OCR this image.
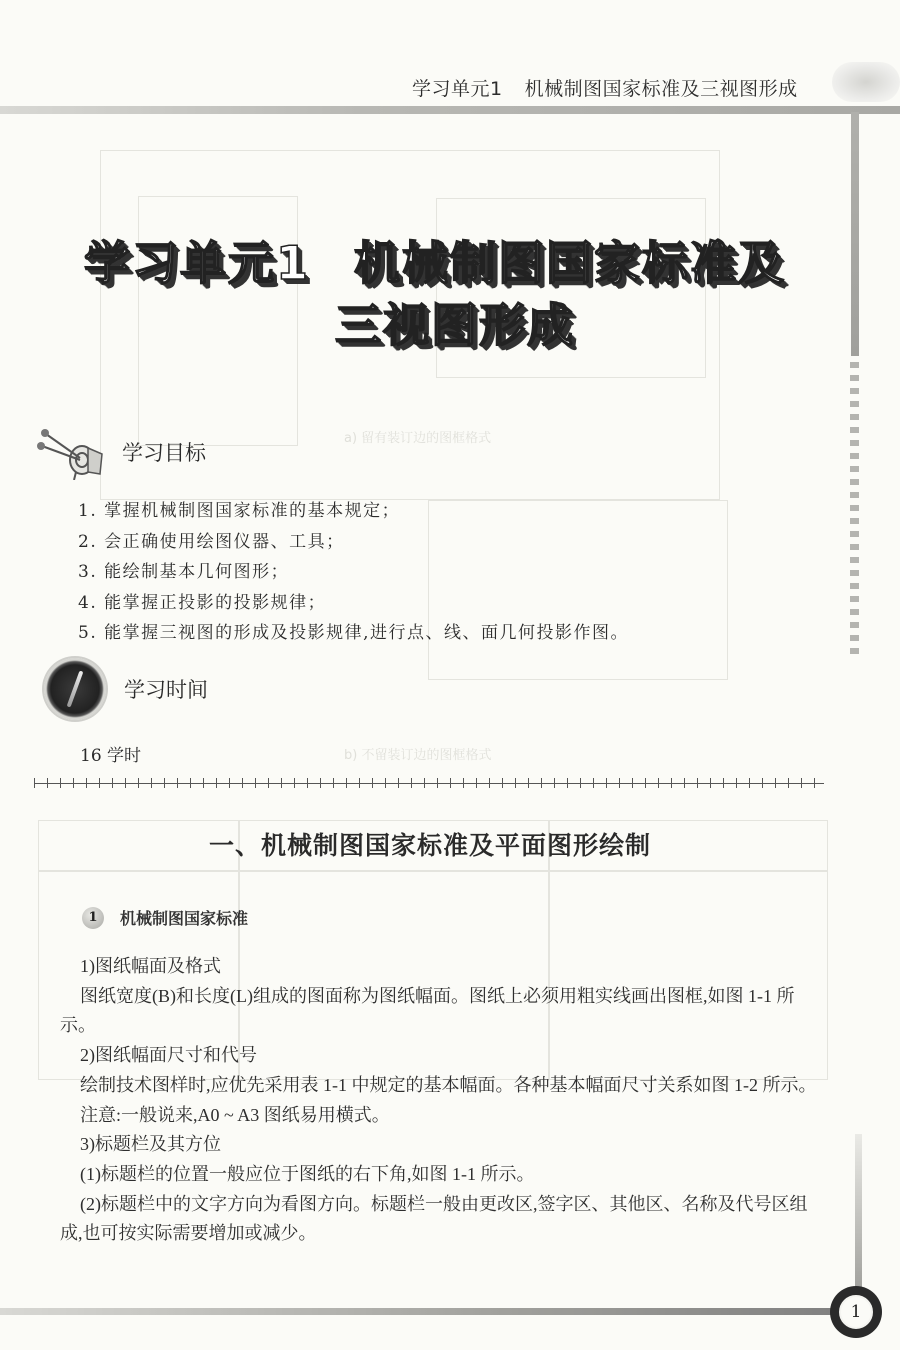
a) 留有装订边的图框格式
b) 不留装订边的图框格式
学习单元1 机械制图国家标准及三视图形成
学习单元1 机械制图国家标准及
三视图形成
学习目标
1. 掌握机械制图国家标准的基本规定；
2. 会正确使用绘图仪器、工具；
3. 能绘制基本几何图形；
4. 能掌握正投影的投影规律；
5. 能掌握三视图的形成及投影规律,进行点、线、面几何投影作图。
学习时间
16 学时
一、机械制图国家标准及平面图形绘制
1	机械制图国家标准

1)图纸幅面及格式

图纸宽度(B)和长度(L)组成的图面称为图纸幅面。图纸上必须用粗实线画出图框,如图 1-1 所示。

2)图纸幅面尺寸和代号

绘制技术图样时,应优先采用表 1-1 中规定的基本幅面。各种基本幅面尺寸关系如图 1-2 所示。

注意:一般说来,A0 ~ A3 图纸易用横式。

3)标题栏及其方位

(1)标题栏的位置一般应位于图纸的右下角,如图 1-1 所示。

(2)标题栏中的文字方向为看图方向。标题栏一般由更改区,签字区、其他区、名称及代号区组成,也可按实际需要增加或减少。

1
